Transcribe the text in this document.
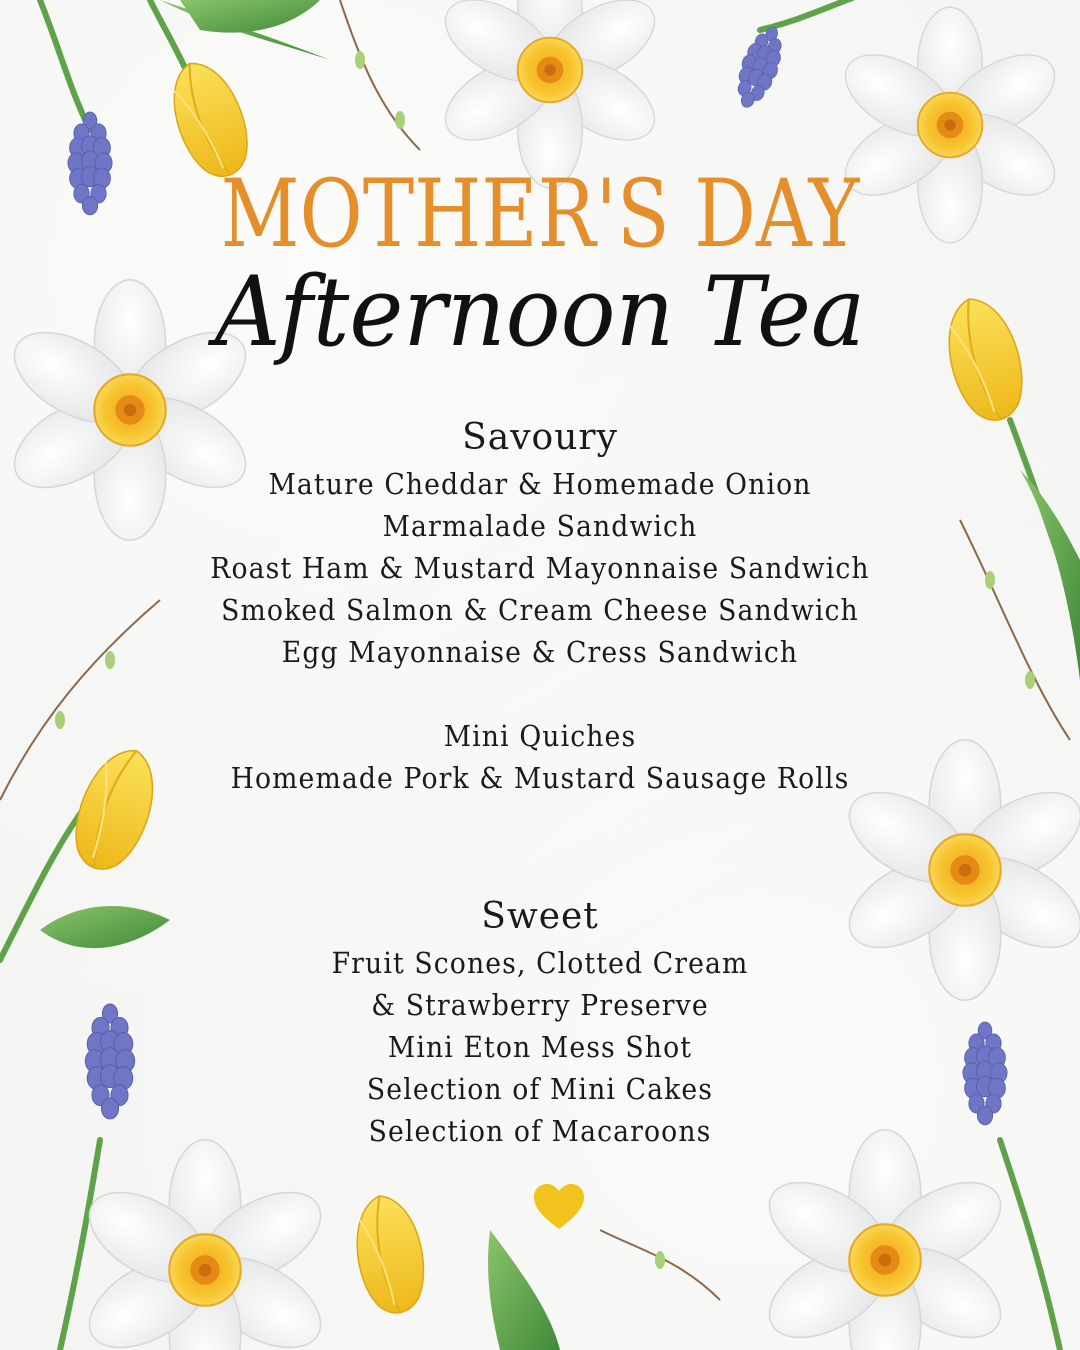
MOTHER'S DAY
Afternoon Tea
Savoury
Mature Cheddar & Homemade Onion
Marmalade Sandwich
Roast Ham & Mustard Mayonnaise Sandwich
Smoked Salmon & Cream Cheese Sandwich
Egg Mayonnaise & Cress Sandwich
Mini Quiches
Homemade Pork & Mustard Sausage Rolls
Sweet
Fruit Scones, Clotted Cream
& Strawberry Preserve
Mini Eton Mess Shot
Selection of Mini Cakes
Selection of Macaroons
